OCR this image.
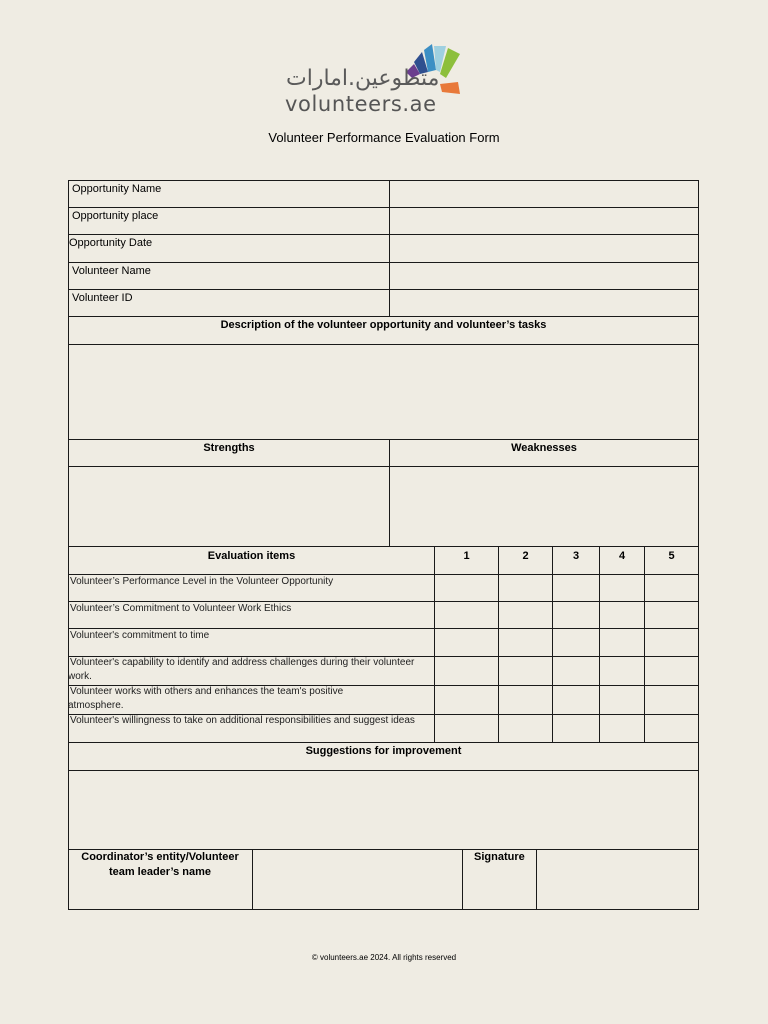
متطوعين.امارات
volunteers.ae
Volunteer Performance Evaluation Form
Opportunity Name
Opportunity place
Opportunity Date
Volunteer Name
Volunteer ID
Description of the volunteer opportunity and volunteer’s tasks
Strengths	Weaknesses
Evaluation items	1	2	3	4	5
Volunteer’s Performance Level in the Volunteer Opportunity
Volunteer’s Commitment to Volunteer Work Ethics
Volunteer's commitment to time
Volunteer's capability to identify and address challenges during their volunteer work.
Volunteer works with others and enhances the team's positive atmosphere.
Volunteer's willingness to take on additional responsibilities and suggest ideas
Suggestions for improvement
Coordinator’s entity/Volunteer team leader’s name
Signature
© volunteers.ae 2024. All rights reserved
